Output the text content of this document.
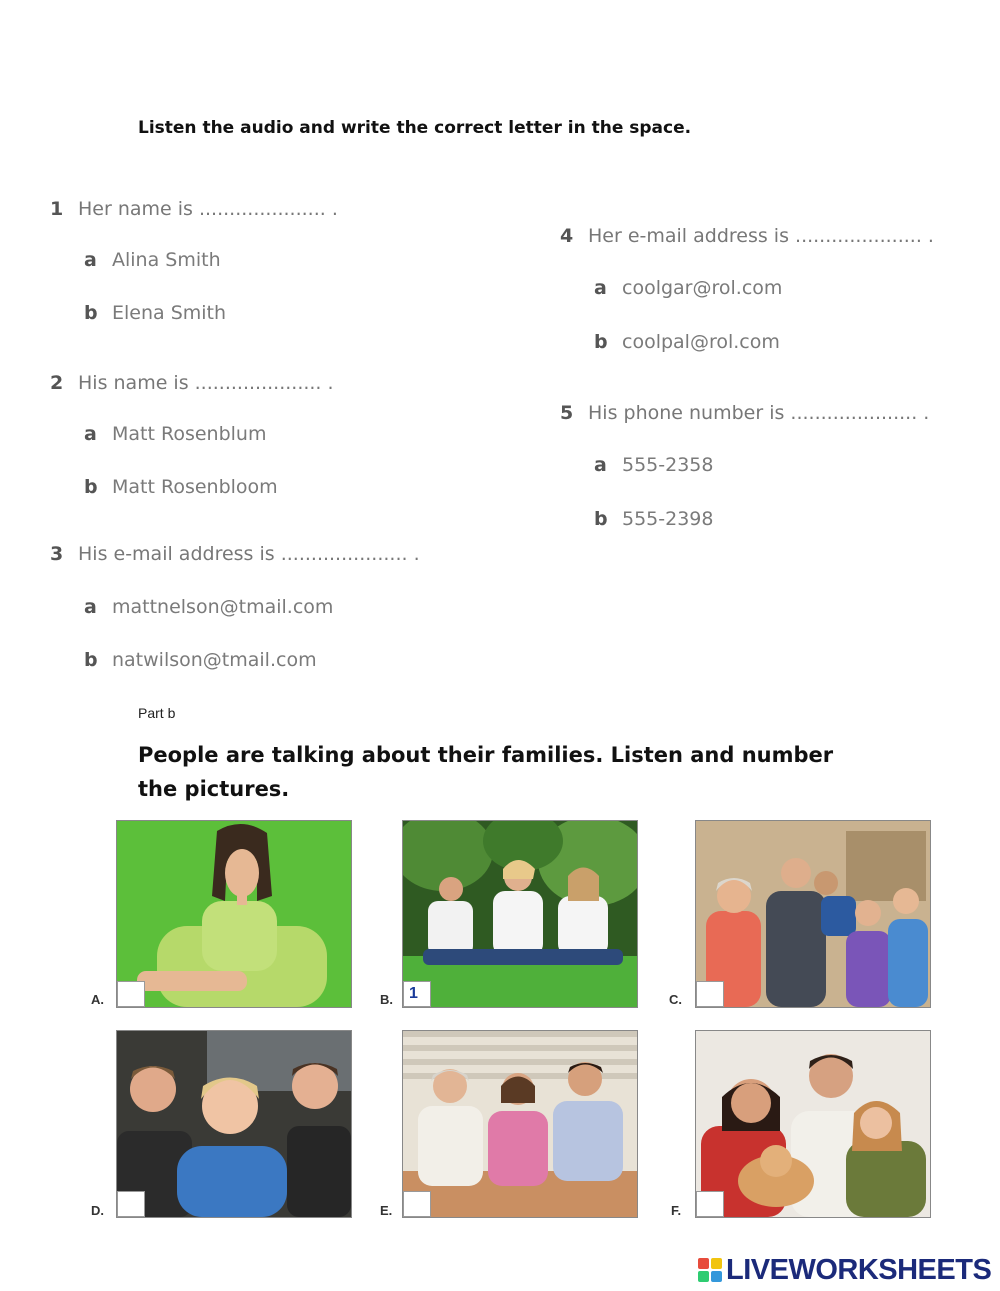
Listen the audio and write the correct letter in the space.
1 Her name is ..................... .
a Alina Smith
b Elena Smith
2 His name is ..................... .
a Matt Rosenblum
b Matt Rosenbloom
3 His e-mail address is ..................... .
a mattnelson@tmail.com
b natwilson@tmail.com
4 Her e-mail address is ..................... .
a coolgar@rol.com
b coolpal@rol.com
5 His phone number is ..................... .
a 555-2358
b 555-2398
Part b
People are talking about their families. Listen and number the pictures.
A.	B.	1	C.
D.	E.	F.
LIVEWORKSHEETS
